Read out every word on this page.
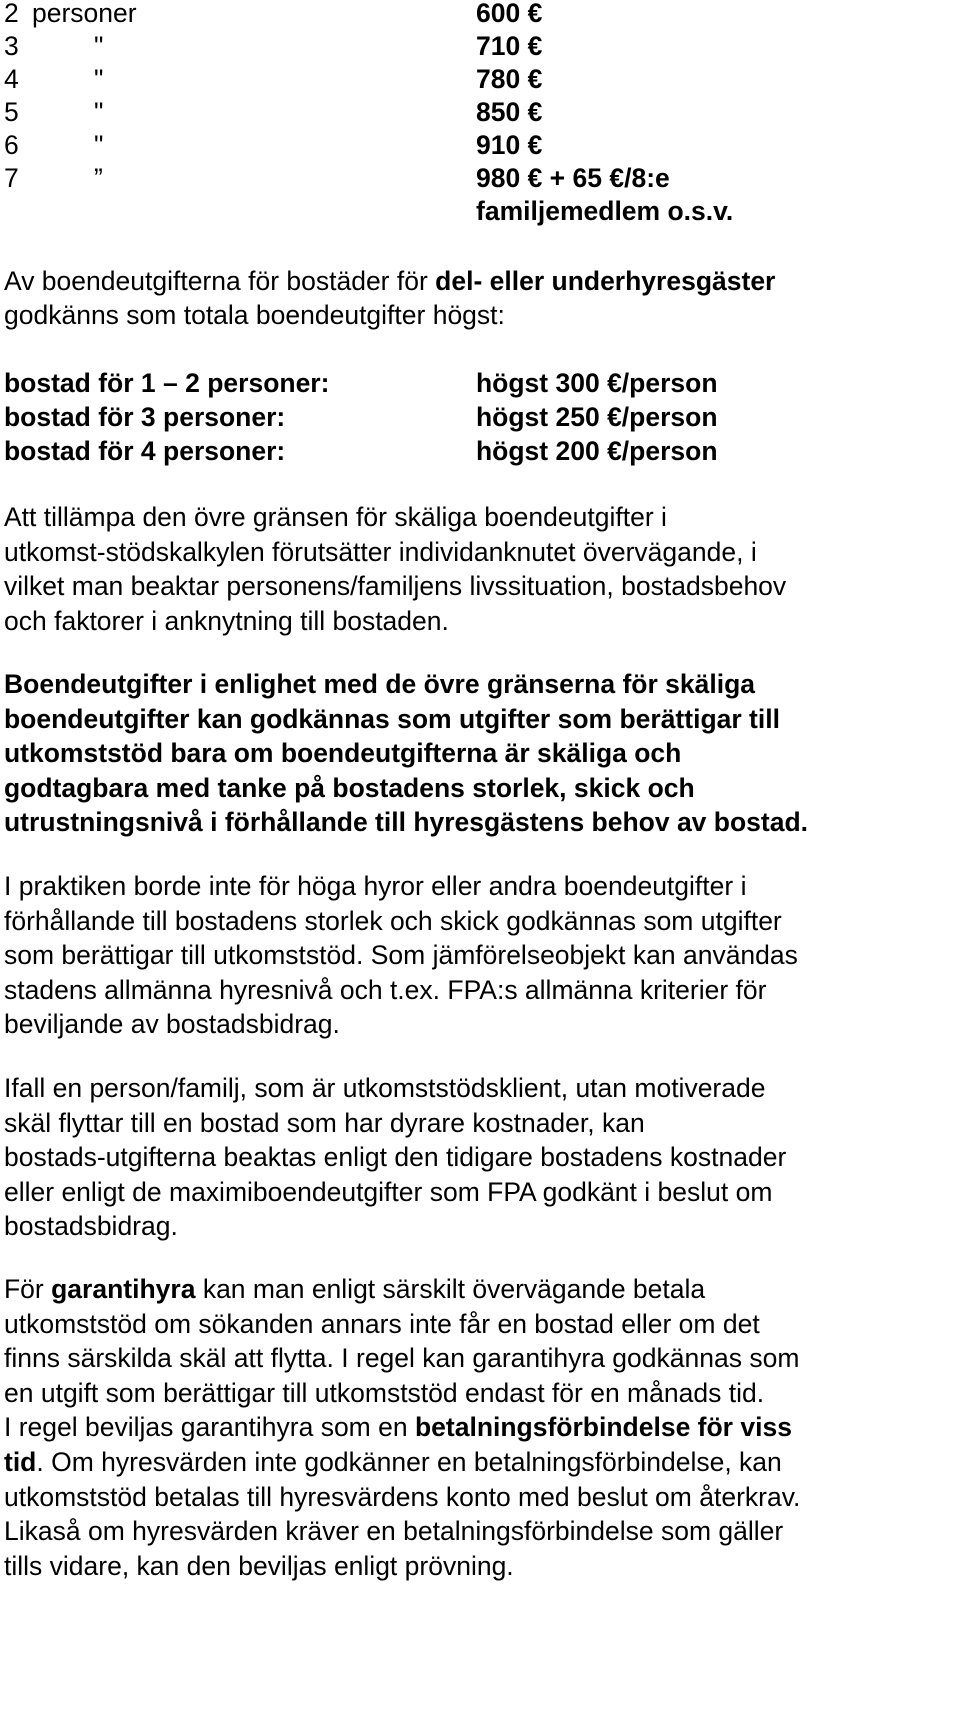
2 personer	600 €
3	"	710 €
4	"	780 €
5	"	850 €
6	"	910 €
7	”	980 € + 65 €/8:e
familjemedlem o.s.v.
Av boendeutgifterna för bostäder för del- eller underhyresgäster
godkänns som totala boendeutgifter högst:
bostad för 1 – 2 personer:	högst 300 €/person
bostad för 3 personer:	högst 250 €/person
bostad för 4 personer:	högst 200 €/person
Att tillämpa den övre gränsen för skäliga boendeutgifter i
utkomst-stödskalkylen förutsätter individanknutet övervägande, i
vilket man beaktar personens/familjens livssituation, bostadsbehov
och faktorer i anknytning till bostaden.
Boendeutgifter i enlighet med de övre gränserna för skäliga
boendeutgifter kan godkännas som utgifter som berättigar till
utkomststöd bara om boendeutgifterna är skäliga och
godtagbara med tanke på bostadens storlek, skick och
utrustningsnivå i förhållande till hyresgästens behov av bostad.
I praktiken borde inte för höga hyror eller andra boendeutgifter i
förhållande till bostadens storlek och skick godkännas som utgifter
som berättigar till utkomststöd. Som jämförelseobjekt kan användas
stadens allmänna hyresnivå och t.ex. FPA:s allmänna kriterier för
beviljande av bostadsbidrag.
Ifall en person/familj, som är utkomststödsklient, utan motiverade
skäl flyttar till en bostad som har dyrare kostnader, kan
bostads-utgifterna beaktas enligt den tidigare bostadens kostnader
eller enligt de maximiboendeutgifter som FPA godkänt i beslut om
bostadsbidrag.
För garantihyra kan man enligt särskilt övervägande betala
utkomststöd om sökanden annars inte får en bostad eller om det
finns särskilda skäl att flytta. I regel kan garantihyra godkännas som
en utgift som berättigar till utkomststöd endast för en månads tid.
I regel beviljas garantihyra som en betalningsförbindelse för viss
tid. Om hyresvärden inte godkänner en betalningsförbindelse, kan
utkomststöd betalas till hyresvärdens konto med beslut om återkrav.
Likaså om hyresvärden kräver en betalningsförbindelse som gäller
tills vidare, kan den beviljas enligt prövning.
